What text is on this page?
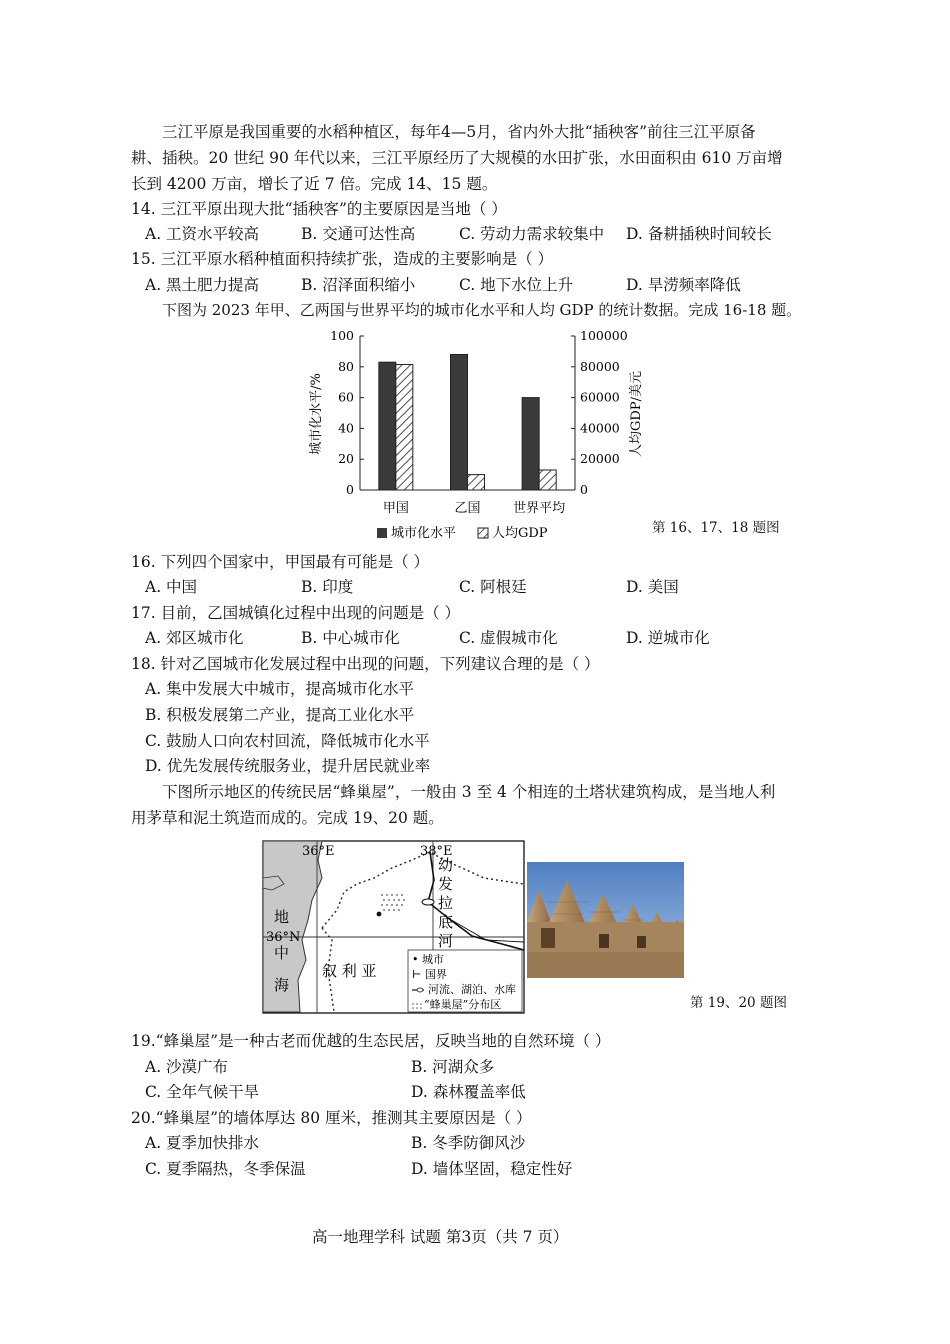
三江平原是我国重要的水稻种植区，每年4—5月，省内外大批“插秧客”前往三江平原备
耕、插秧。20 世纪 90 年代以来，三江平原经历了大规模的水田扩张，水田面积由 610 万亩增
长到 4200 万亩，增长了近 7 倍。完成 14、15 题。
14. 三江平原出现大批“插秧客”的主要原因是当地（ ）
A. 工资水平较高	B. 交通可达性高	C. 劳动力需求较集中 D. 备耕插秧时间较长
15. 三江平原水稻种植面积持续扩张，造成的主要影响是（ ）
A. 黑土肥力提高	B. 沼泽面积缩小	C. 地下水位上升	D. 旱涝频率降低
下图为 2023 年甲、乙两国与世界平均的城市化水平和人均 GDP 的统计数据。完成 16-18 题。
0
20
40
60
80
100
0
20000
40000
60000
80000
100000
甲国	乙国	世界平均
城市化水平/%	人均GDP/美元
城市化水平	人均GDP	第 16、17、18 题图
16. 下列四个国家中，甲国最有可能是（ ）
A. 中国	B. 印度	C. 阿根廷	D. 美国
17. 目前，乙国城镇化过程中出现的问题是（ ）
A. 郊区城市化	B. 中心城市化	C. 虚假城市化	D. 逆城市化
18. 针对乙国城市化发展过程中出现的问题，下列建议合理的是（ ）
A. 集中发展大中城市，提高城市化水平
B. 积极发展第二产业，提高工业化水平
C. 鼓励人口向农村回流，降低城市化水平
D. 优先发展传统服务业，提升居民就业率
下图所示地区的传统民居“蜂巢屋”，一般由 3 至 4 个相连的土塔状建筑构成，是当地人利
用茅草和泥土筑造而成的。完成 19、20 题。
36°E	38°E
36°N
地
中
海
幼
发
拉
底
河
叙 利 亚
• 城市
⊢ 国界
河流、湖泊、水库
“蜂巢屋”分布区	第 19、20 题图
19.“蜂巢屋”是一种古老而优越的生态民居，反映当地的自然环境（ ）
A. 沙漠广布	B. 河湖众多
C. 全年气候干旱	D. 森林覆盖率低
20.“蜂巢屋”的墙体厚达 80 厘米，推测其主要原因是（ ）
A. 夏季加快排水	B. 冬季防御风沙
C. 夏季隔热，冬季保温	D. 墙体坚固，稳定性好
高一地理学科 试题 第3页（共 7 页）
